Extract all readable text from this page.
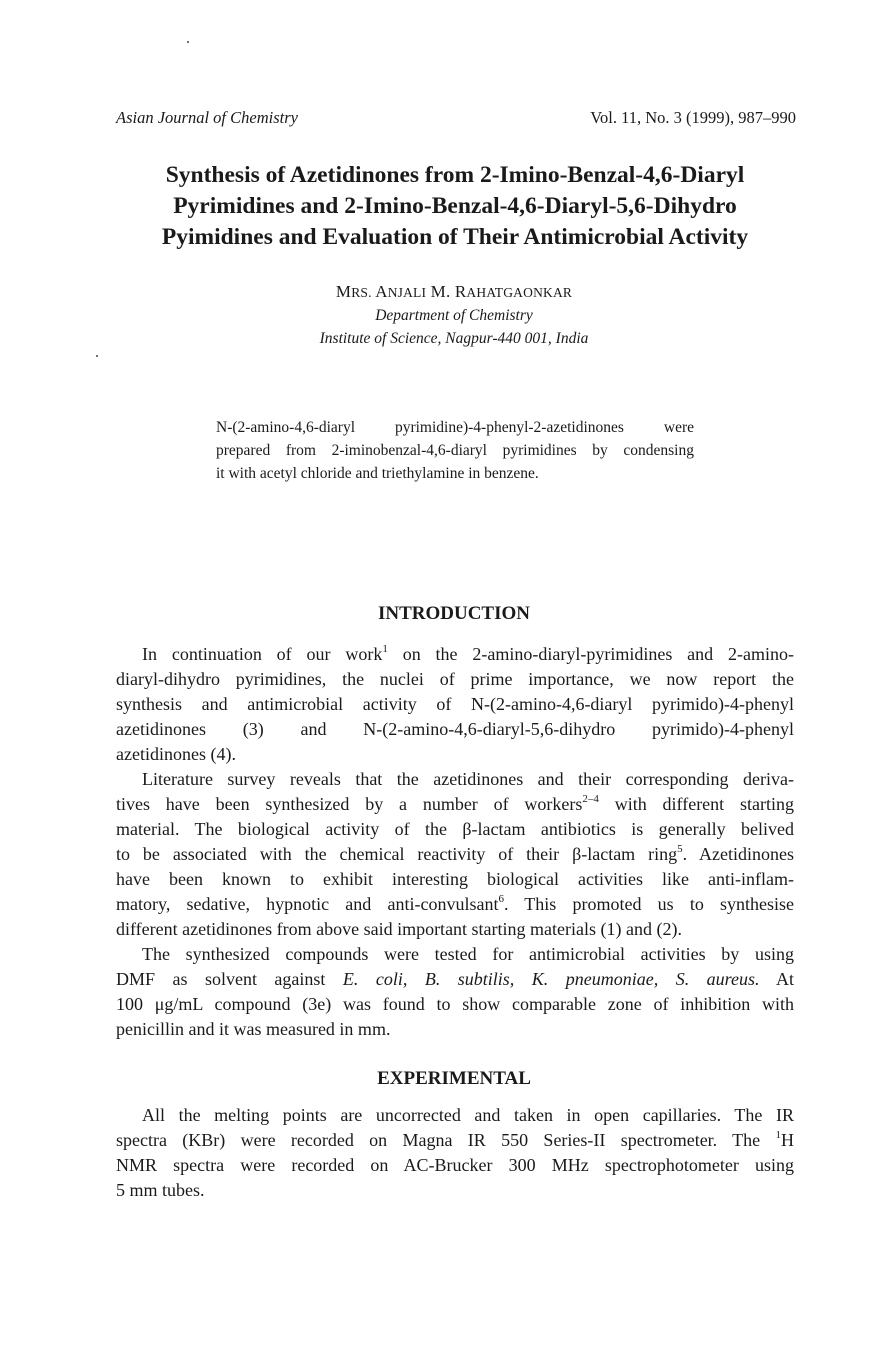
Asian Journal of Chemistry	Vol. 11, No. 3 (1999), 987–990
Synthesis of Azetidinones from 2-Imino-Benzal-4,6-Diaryl
Pyrimidines and 2-Imino-Benzal-4,6-Diaryl-5,6-Dihydro
Pyimidines and Evaluation of Their Antimicrobial Activity
MRS. ANJALI M. RAHATGAONKAR
Department of Chemistry
Institute of Science, Nagpur-440 001, India
N-(2-amino-4,6-diaryl pyrimidine)-4-phenyl-2-azetidinones were
prepared from 2-iminobenzal-4,6-diaryl pyrimidines by condensing
it with acetyl chloride and triethylamine in benzene.
INTRODUCTION
In continuation of our work$^1$ on the 2-amino-diaryl-pyrimidines and 2-amino-
diaryl-dihydro pyrimidines, the nuclei of prime importance, we now report the
synthesis and antimicrobial activity of N-(2-amino-4,6-diaryl pyrimido)-4-phenyl
azetidinones (3) and N-(2-amino-4,6-diaryl-5,6-dihydro pyrimido)-4-phenyl
azetidinones (4).
Literature survey reveals that the azetidinones and their corresponding deriva-
tives have been synthesized by a number of workers$^{2-4}$ with different starting
material. The biological activity of the β-lactam antibiotics is generally belived
to be associated with the chemical reactivity of their β-lactam ring$^5$. Azetidinones
have been known to exhibit interesting biological activities like anti-inflam-
matory, sedative, hypnotic and anti-convulsant$^6$. This promoted us to synthesise
different azetidinones from above said important starting materials (1) and (2).
The synthesized compounds were tested for antimicrobial activities by using
DMF as solvent against E. coli, B. subtilis, K. pneumoniae, S. aureus. At
100 μg/mL compound (3e) was found to show comparable zone of inhibition with
penicillin and it was measured in mm.
EXPERIMENTAL
All the melting points are uncorrected and taken in open capillaries. The IR
spectra (KBr) were recorded on Magna IR 550 Series-II spectrometer. The $^1$H
NMR spectra were recorded on AC-Brucker 300 MHz spectrophotometer using
5 mm tubes.
